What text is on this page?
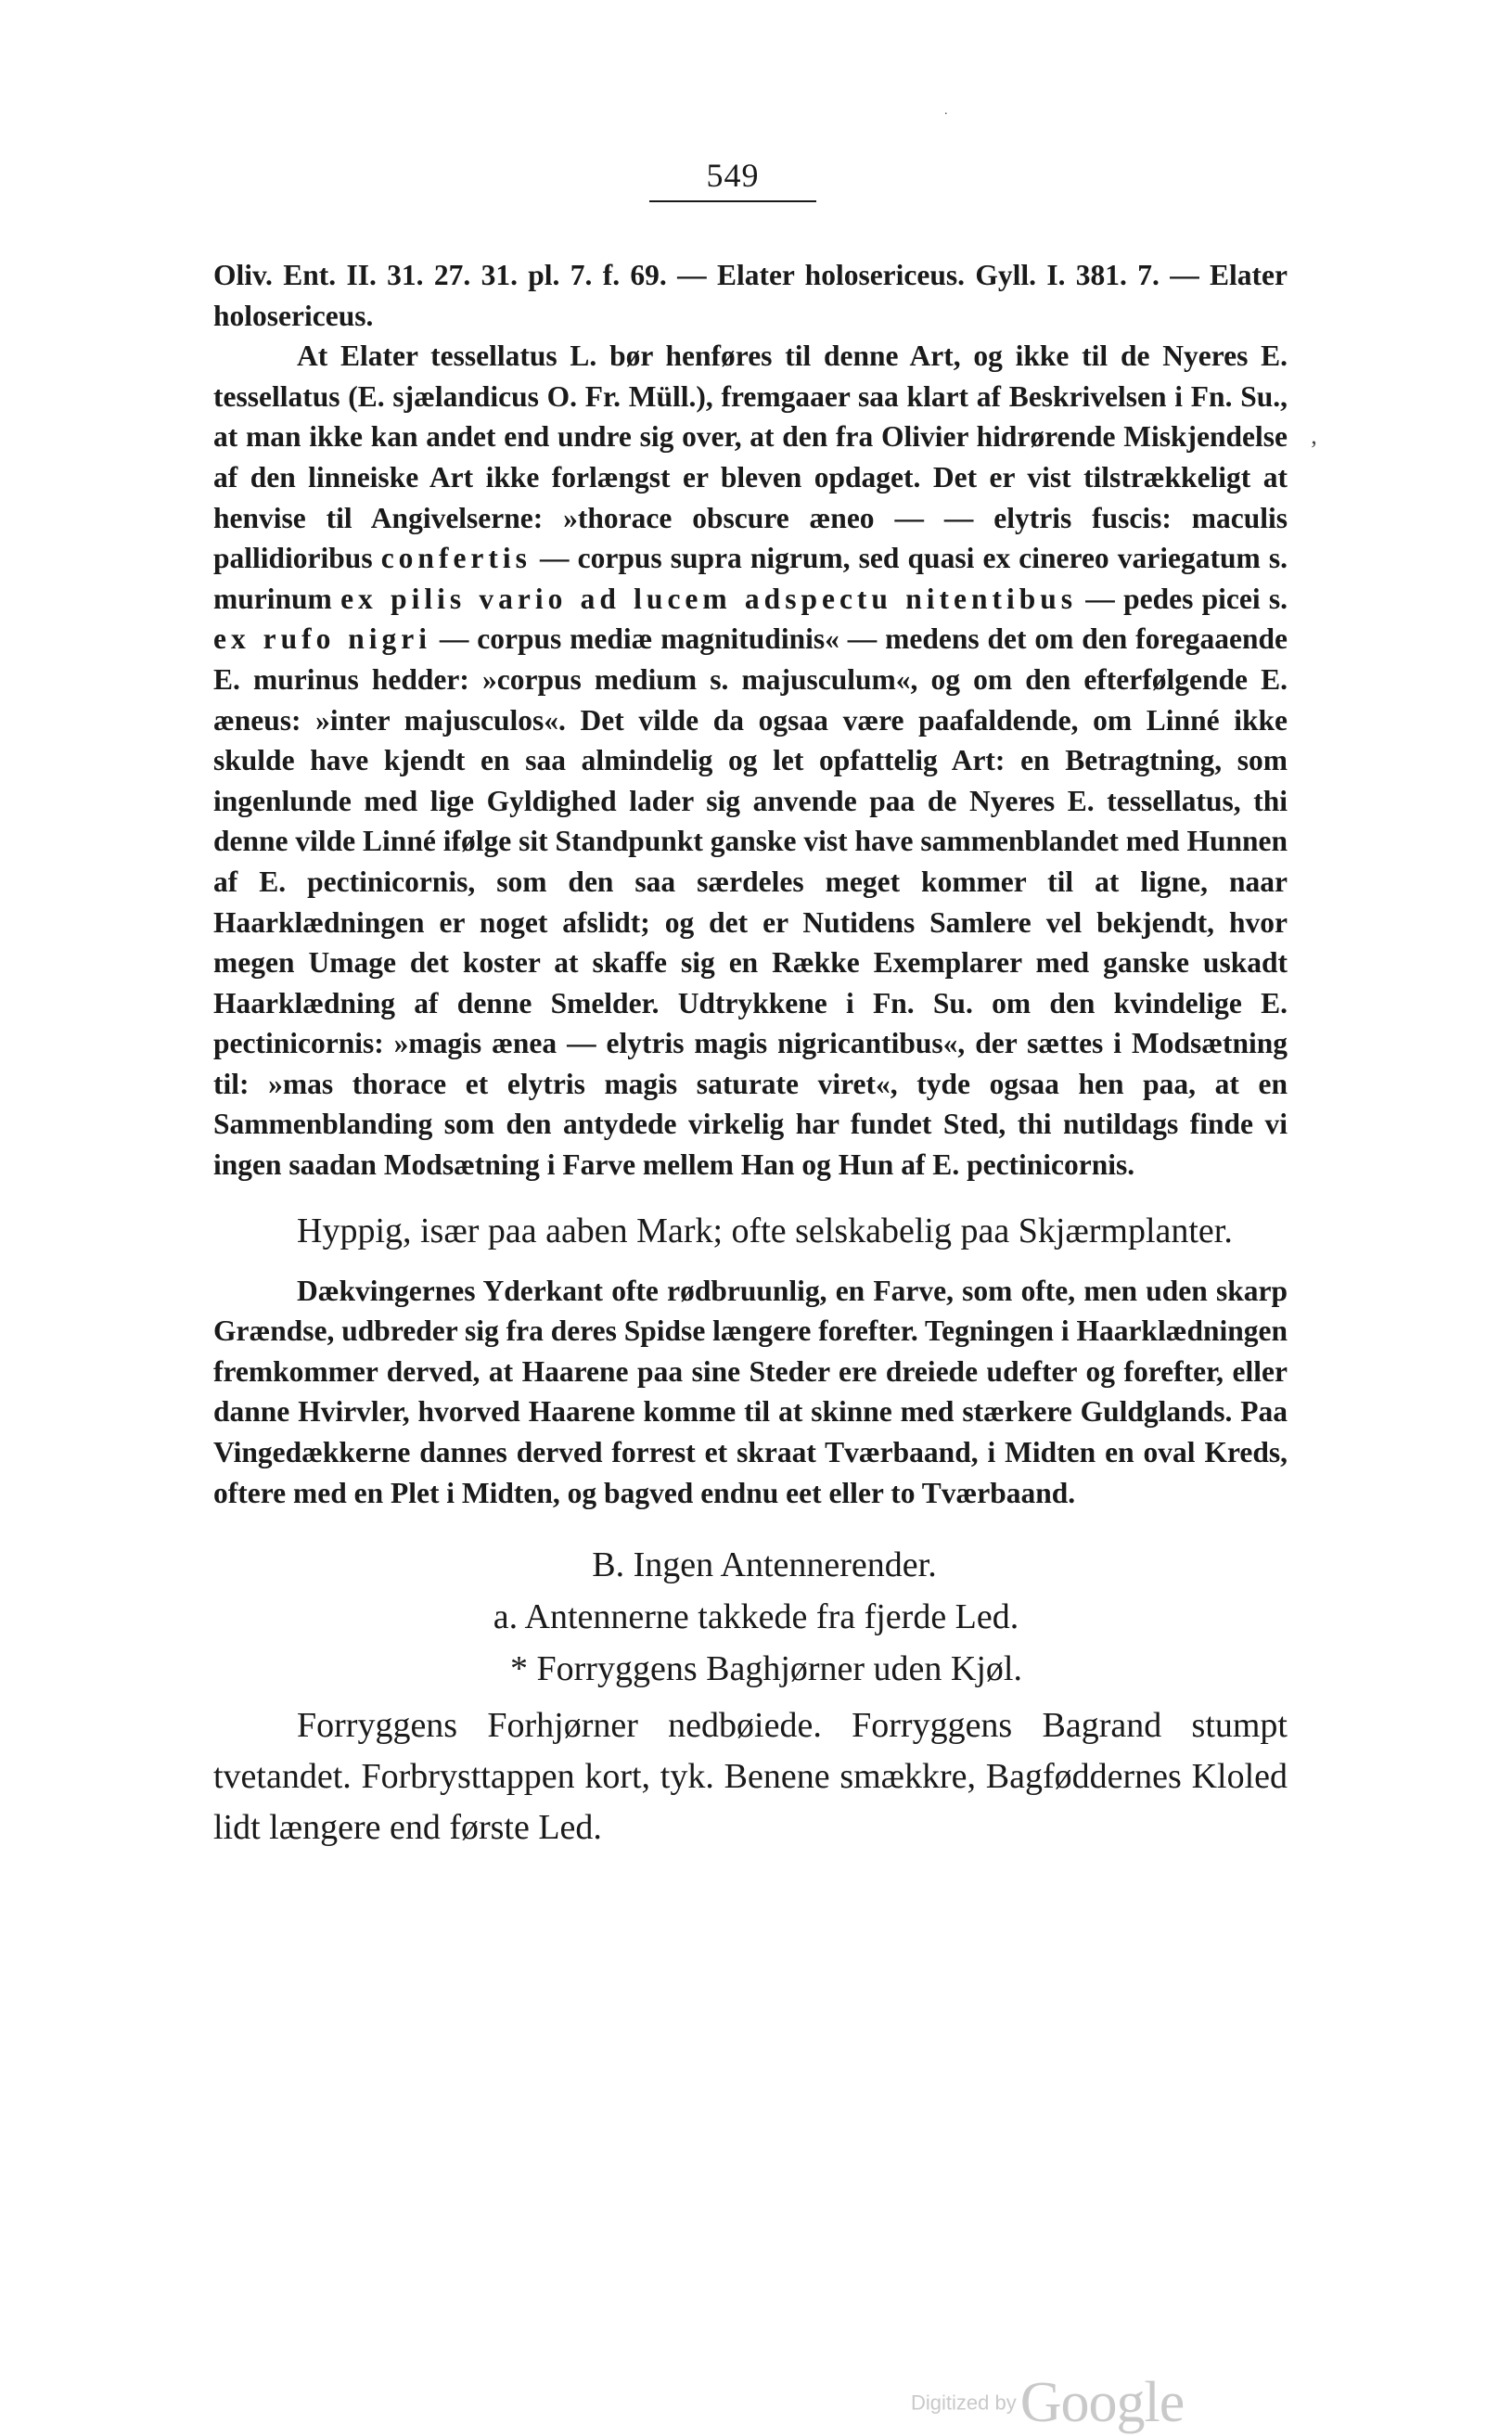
549
’
.

Oliv. Ent. II. 31. 27. 31. pl. 7. f. 69. — Elater holosericeus. Gyll. I. 381. 7. — Elater holosericeus.

At Elater tessellatus L. bør henføres til denne Art, og ikke til de Nyeres E. tessellatus (E. sjælandicus O. Fr. Müll.), fremgaaer saa klart af Beskrivelsen i Fn. Su., at man ikke kan andet end undre sig over, at den fra Olivier hidrørende Miskjendelse af den linneiske Art ikke forlængst er bleven opdaget. Det er vist tilstrækkeligt at henvise til Angivelserne: »thorace obscure æneo — — elytris fuscis: maculis pallidioribus confertis — corpus supra nigrum, sed quasi ex cinereo variegatum s. murinum ex pilis vario ad lucem adspectu nitentibus — pedes picei s. ex rufo nigri — corpus mediæ magnitudinis« — medens det om den foregaaende E. murinus hedder: »corpus medium s. majusculum«, og om den efterfølgende E. æneus: »inter majusculos«. Det vilde da ogsaa være paafaldende, om Linné ikke skulde have kjendt en saa almindelig og let opfattelig Art: en Betragtning, som ingenlunde med lige Gyldighed lader sig anvende paa de Nyeres E. tessellatus, thi denne vilde Linné ifølge sit Standpunkt ganske vist have sammenblandet med Hunnen af E. pectinicornis, som den saa særdeles meget kommer til at ligne, naar Haarklædningen er noget afslidt; og det er Nutidens Samlere vel bekjendt, hvor megen Umage det koster at skaffe sig en Række Exemplarer med ganske uskadt Haarklædning af denne Smelder. Udtrykkene i Fn. Su. om den kvindelige E. pectinicornis: »magis ænea — elytris magis nigricantibus«, der sættes i Modsætning til: »mas thorace et elytris magis saturate viret«, tyde ogsaa hen paa, at en Sammenblanding som den antydede virkelig har fundet Sted, thi nutildags finde vi ingen saadan Modsætning i Farve mellem Han og Hun af E. pectinicornis.

Hyppig, især paa aaben Mark; ofte selskabelig paa Skjærmplanter.

Dækvingernes Yderkant ofte rødbruunlig, en Farve, som ofte, men uden skarp Grændse, udbreder sig fra deres Spidse længere forefter. Tegningen i Haarklædningen fremkommer derved, at Haarene paa sine Steder ere dreiede udefter og forefter, eller danne Hvirvler, hvorved Haarene komme til at skinne med stærkere Guldglands. Paa Vingedækkerne dannes derved forrest et skraat Tværbaand, i Midten en oval Kreds, oftere med en Plet i Midten, og bagved endnu eet eller to Tværbaand.

B. Ingen Antennerender.
a. Antennerne takkede fra fjerde Led.
* Forryggens Baghjørner uden Kjøl.

Forryggens Forhjørner nedbøiede. Forryggens Bagrand stumpt tvetandet. Forbrysttappen kort, tyk. Benene smækkre, Bagføddernes Kloled lidt længere end første Led.

Digitized byGoogle
